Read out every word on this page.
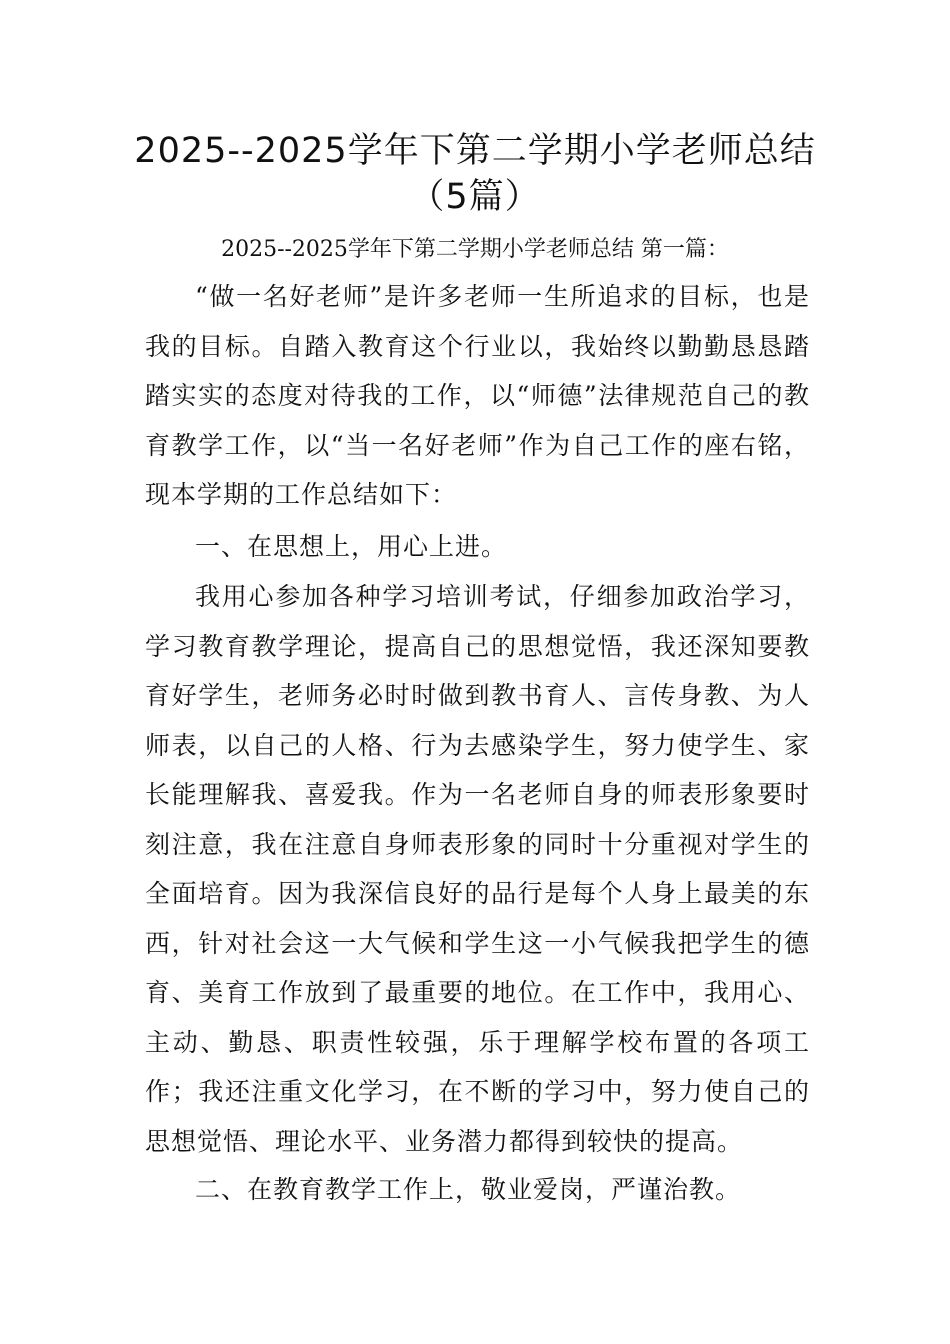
2025--2025学年下第二学期小学老师总结
（5篇）
2025--2025学年下第二学期小学老师总结 第一篇：

“做一名好老师”是许多老师一生所追求的目标，也是我的目标。自踏入教育这个行业以，我始终以勤勤恳恳踏踏实实的态度对待我的工作，以“师德”法律规范自己的教育教学工作，以“当一名好老师”作为自己工作的座右铭，现本学期的工作总结如下：

一、在思想上，用心上进。

我用心参加各种学习培训考试，仔细参加政治学习，学习教育教学理论，提高自己的思想觉悟，我还深知要教育好学生，老师务必时时做到教书育人、言传身教、为人师表，以自己的人格、行为去感染学生，努力使学生、家长能理解我、喜爱我。作为一名老师自身的师表形象要时刻注意，我在注意自身师表形象的同时十分重视对学生的全面培育。因为我深信良好的品行是每个人身上最美的东西，针对社会这一大气候和学生这一小气候我把学生的德育、美育工作放到了最重要的地位。在工作中，我用心、主动、勤恳、职责性较强，乐于理解学校布置的各项工作；我还注重文化学习，在不断的学习中，努力使自己的思想觉悟、理论水平、业务潜力都得到较快的提高。

二、在教育教学工作上，敬业爱岗，严谨治教。
